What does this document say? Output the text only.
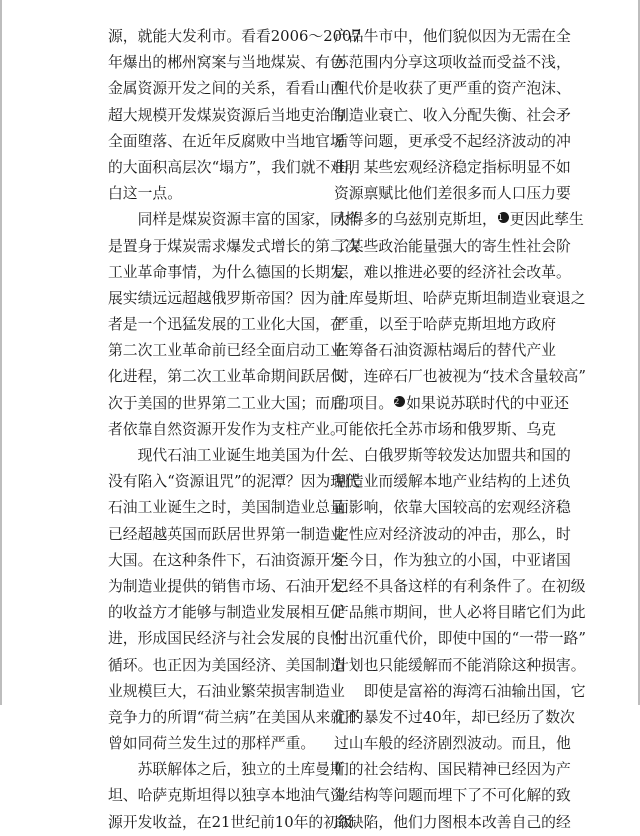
源，就能大发利市。看看2006～2007
年爆出的郴州窝案与当地煤炭、有色
金属资源开发之间的关系，看看山西
超大规模开发煤炭资源后当地吏治的
全面堕落、在近年反腐败中当地官场
的大面积高层次“塌方”，我们就不难明
白这一点。
　　同样是煤炭资源丰富的国家，同样
是置身于煤炭需求爆发式增长的第二次
工业革命事情，为什么德国的长期发
展实绩远远超越俄罗斯帝国？因为前
者是一个迅猛发展的工业化大国，在
第二次工业革命前已经全面启动工业
化进程，第二次工业革命期间跃居仅
次于美国的世界第二工业大国；而后
者依靠自然资源开发作为支柱产业。
　　现代石油工业诞生地美国为什么
没有陷入“资源诅咒”的泥潭？因为现代
石油工业诞生之时，美国制造业总量
已经超越英国而跃居世界第一制造业
大国。在这种条件下，石油资源开发
为制造业提供的销售市场、石油开发
的收益方才能够与制造业发展相互促
进，形成国民经济与社会发展的良性
循环。也正因为美国经济、美国制造
业规模巨大，石油业繁荣损害制造业
竞争力的所谓“荷兰病”在美国从来就不
曾如同荷兰发生过的那样严重。
　　苏联解体之后，独立的土库曼斯
坦、哈萨克斯坦得以独享本地油气资
源开发收益，在21世纪前10年的初级
产品牛市中，他们貌似因为无需在全
苏范围内分享这项收益而受益不浅，
但代价是收获了更严重的资产泡沫、
制造业衰亡、收入分配失衡、社会矛
盾等问题，更承受不起经济波动的冲
击，某些宏观经济稳定指标明显不如
资源禀赋比他们差很多而人口压力要
大得多的乌兹别克斯坦，1 更因此孳生
了某些政治能量强大的寄生性社会阶
层，难以推进必要的经济社会改革。
土库曼斯坦、哈萨克斯坦制造业衰退之
严重，以至于哈萨克斯坦地方政府
在筹备石油资源枯竭后的替代产业
时，连碎石厂也被视为“技术含量较高”
的项目。2 如果说苏联时代的中亚还
可能依托全苏市场和俄罗斯、乌克
兰、白俄罗斯等较发达加盟共和国的
制造业而缓解本地产业结构的上述负
面影响，依靠大国较高的宏观经济稳
定性应对经济波动的冲击，那么，时
至今日，作为独立的小国，中亚诸国
已经不具备这样的有利条件了。在初级
产品熊市期间，世人必将目睹它们为此
付出沉重代价，即使中国的“一带一路”
计划也只能缓解而不能消除这种损害。
　　即使是富裕的海湾石油输出国，它
们的暴发不过40年，却已经历了数次
过山车般的经济剧烈波动。而且，他
们的社会结构、国民精神已经因为产
业结构等问题而埋下了不可化解的致
命缺陷，他们力图根本改善自己的经
